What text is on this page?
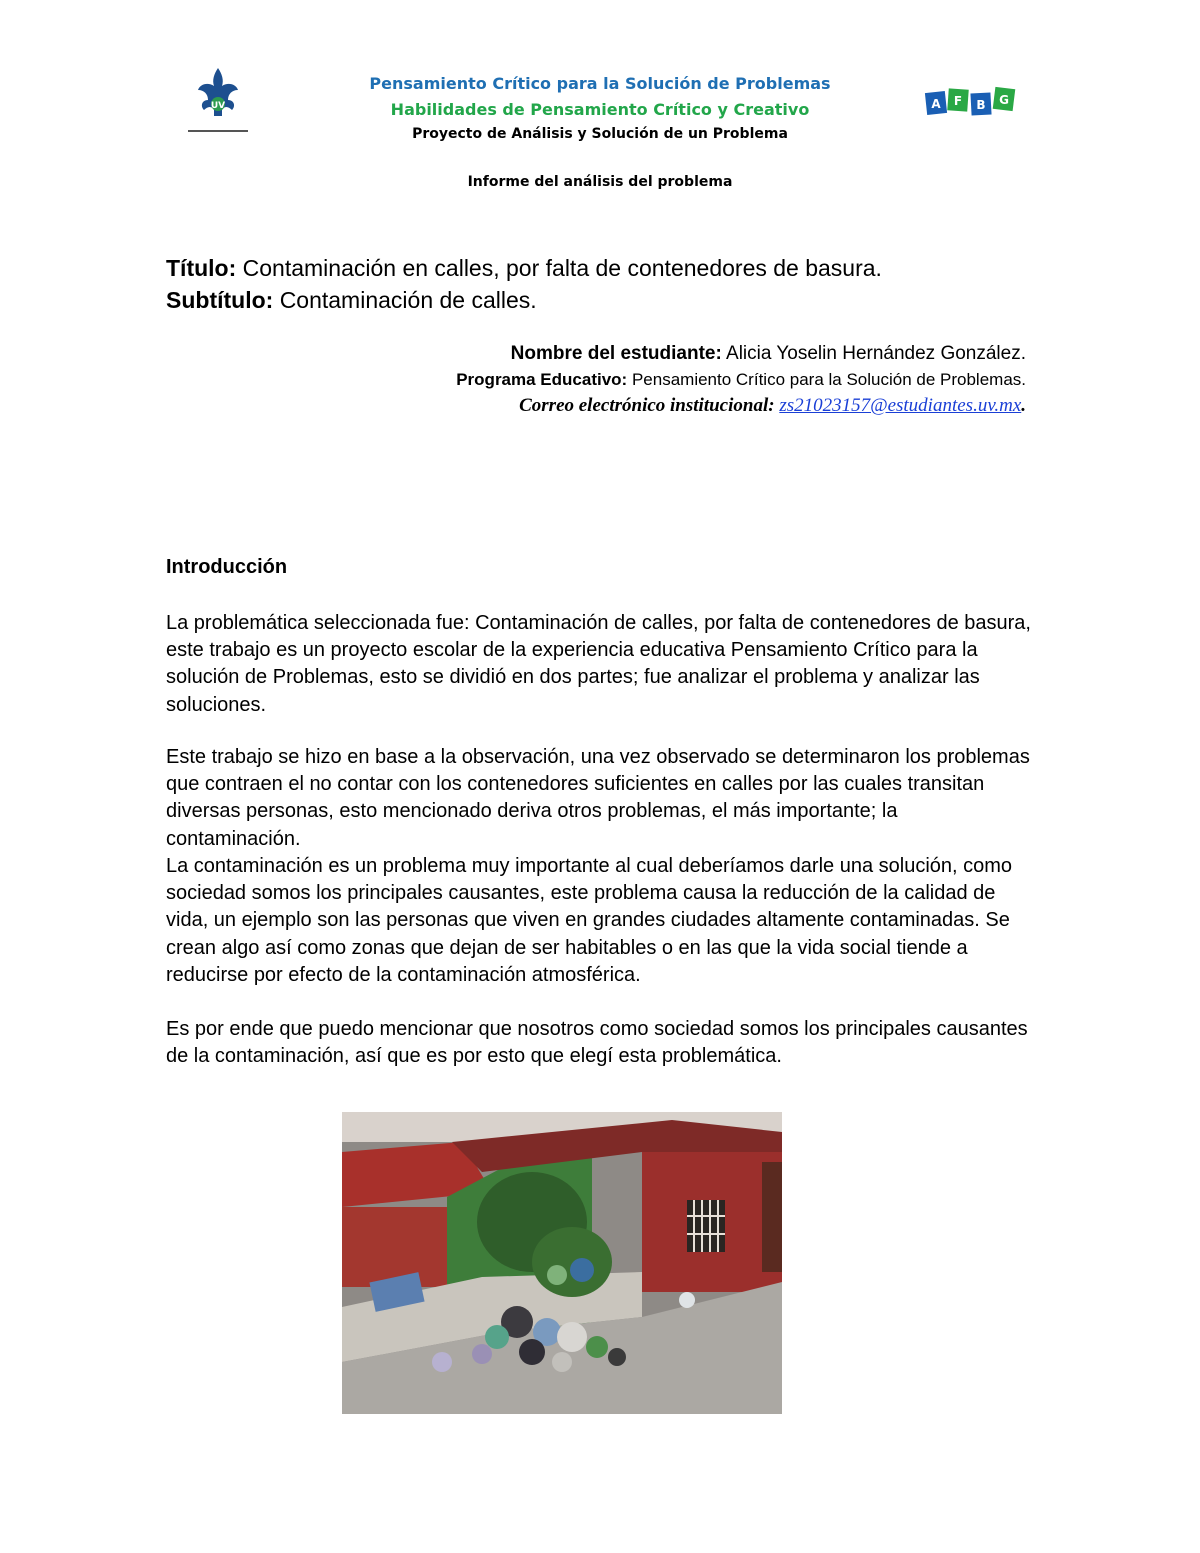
UV	A F B G
Pensamiento Crítico para la Solución de Problemas
Habilidades de Pensamiento Crítico y Creativo
Proyecto de Análisis y Solución de un Problema
Informe del análisis del problema
Título: Contaminación en calles, por falta de contenedores de basura.
Subtítulo: Contaminación de calles.
Nombre del estudiante: Alicia Yoselin Hernández González.
Programa Educativo: Pensamiento Crítico para la Solución de Problemas.
Correo electrónico institucional: zs21023157@estudiantes.uv.mx.
Introducción
La problemática seleccionada fue: Contaminación de calles, por falta de contenedores de basura, este trabajo es un proyecto escolar de la experiencia educativa Pensamiento Crítico para la solución de Problemas, esto se dividió en dos partes; fue analizar el problema y analizar las soluciones.
Este trabajo se hizo en base a la observación, una vez observado se determinaron los problemas que contraen el no contar con los contenedores suficientes en calles por las cuales transitan diversas personas, esto mencionado deriva otros problemas, el más importante; la contaminación.
La contaminación es un problema muy importante al cual deberíamos darle una solución, como sociedad somos los principales causantes, este problema causa la reducción de la calidad de vida, un ejemplo son las personas que viven en grandes ciudades altamente contaminadas. Se crean algo así como zonas que dejan de ser habitables o en las que la vida social tiende a reducirse por efecto de la contaminación atmosférica.
Es por ende que puedo mencionar que nosotros como sociedad somos los principales causantes de la contaminación, así que es por esto que elegí esta problemática.
